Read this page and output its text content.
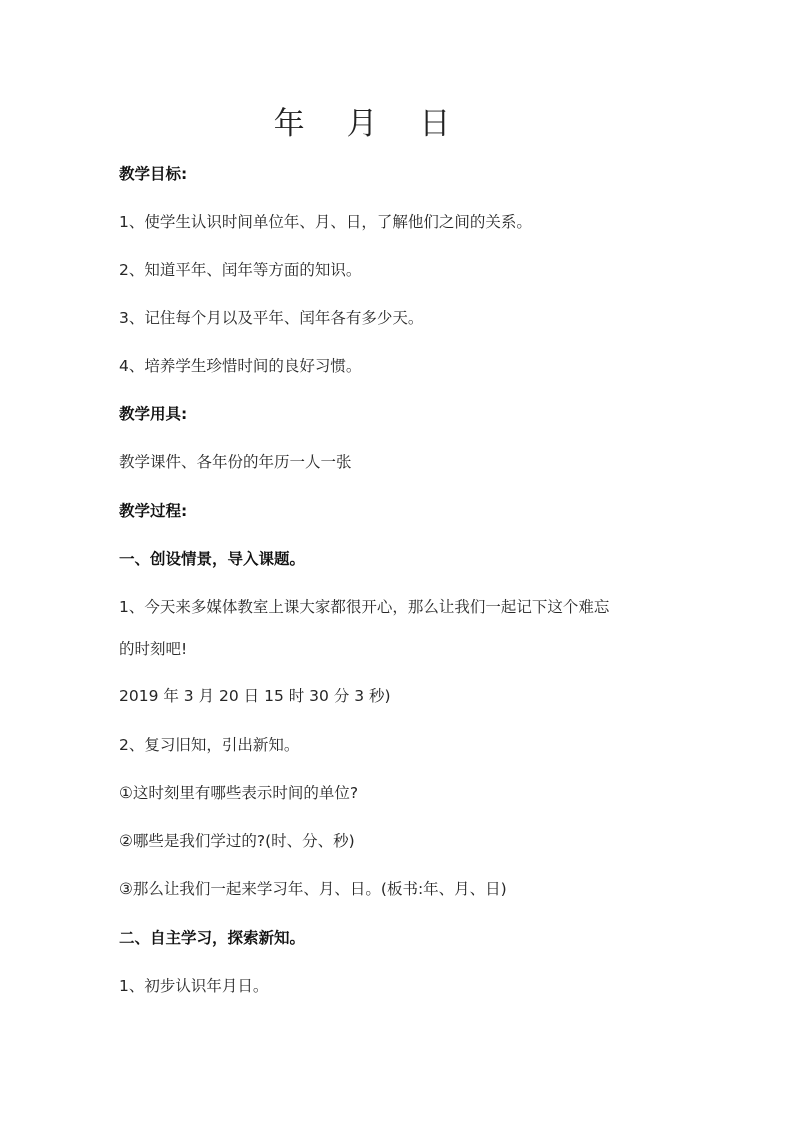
年 月 日
教学目标:
1、使学生认识时间单位年、月、日，了解他们之间的关系。
2、知道平年、闰年等方面的知识。
3、记住每个月以及平年、闰年各有多少天。
4、培养学生珍惜时间的良好习惯。
教学用具:
教学课件、各年份的年历一人一张
教学过程:
一、创设情景，导入课题。
1、今天来多媒体教室上课大家都很开心，那么让我们一起记下这个难忘
的时刻吧!
2019 年 3 月 20 日 15 时 30 分 3 秒)
2、复习旧知，引出新知。
①这时刻里有哪些表示时间的单位?
②哪些是我们学过的?(时、分、秒)
③那么让我们一起来学习年、月、日。(板书:年、月、日)
二、自主学习，探索新知。
1、初步认识年月日。
